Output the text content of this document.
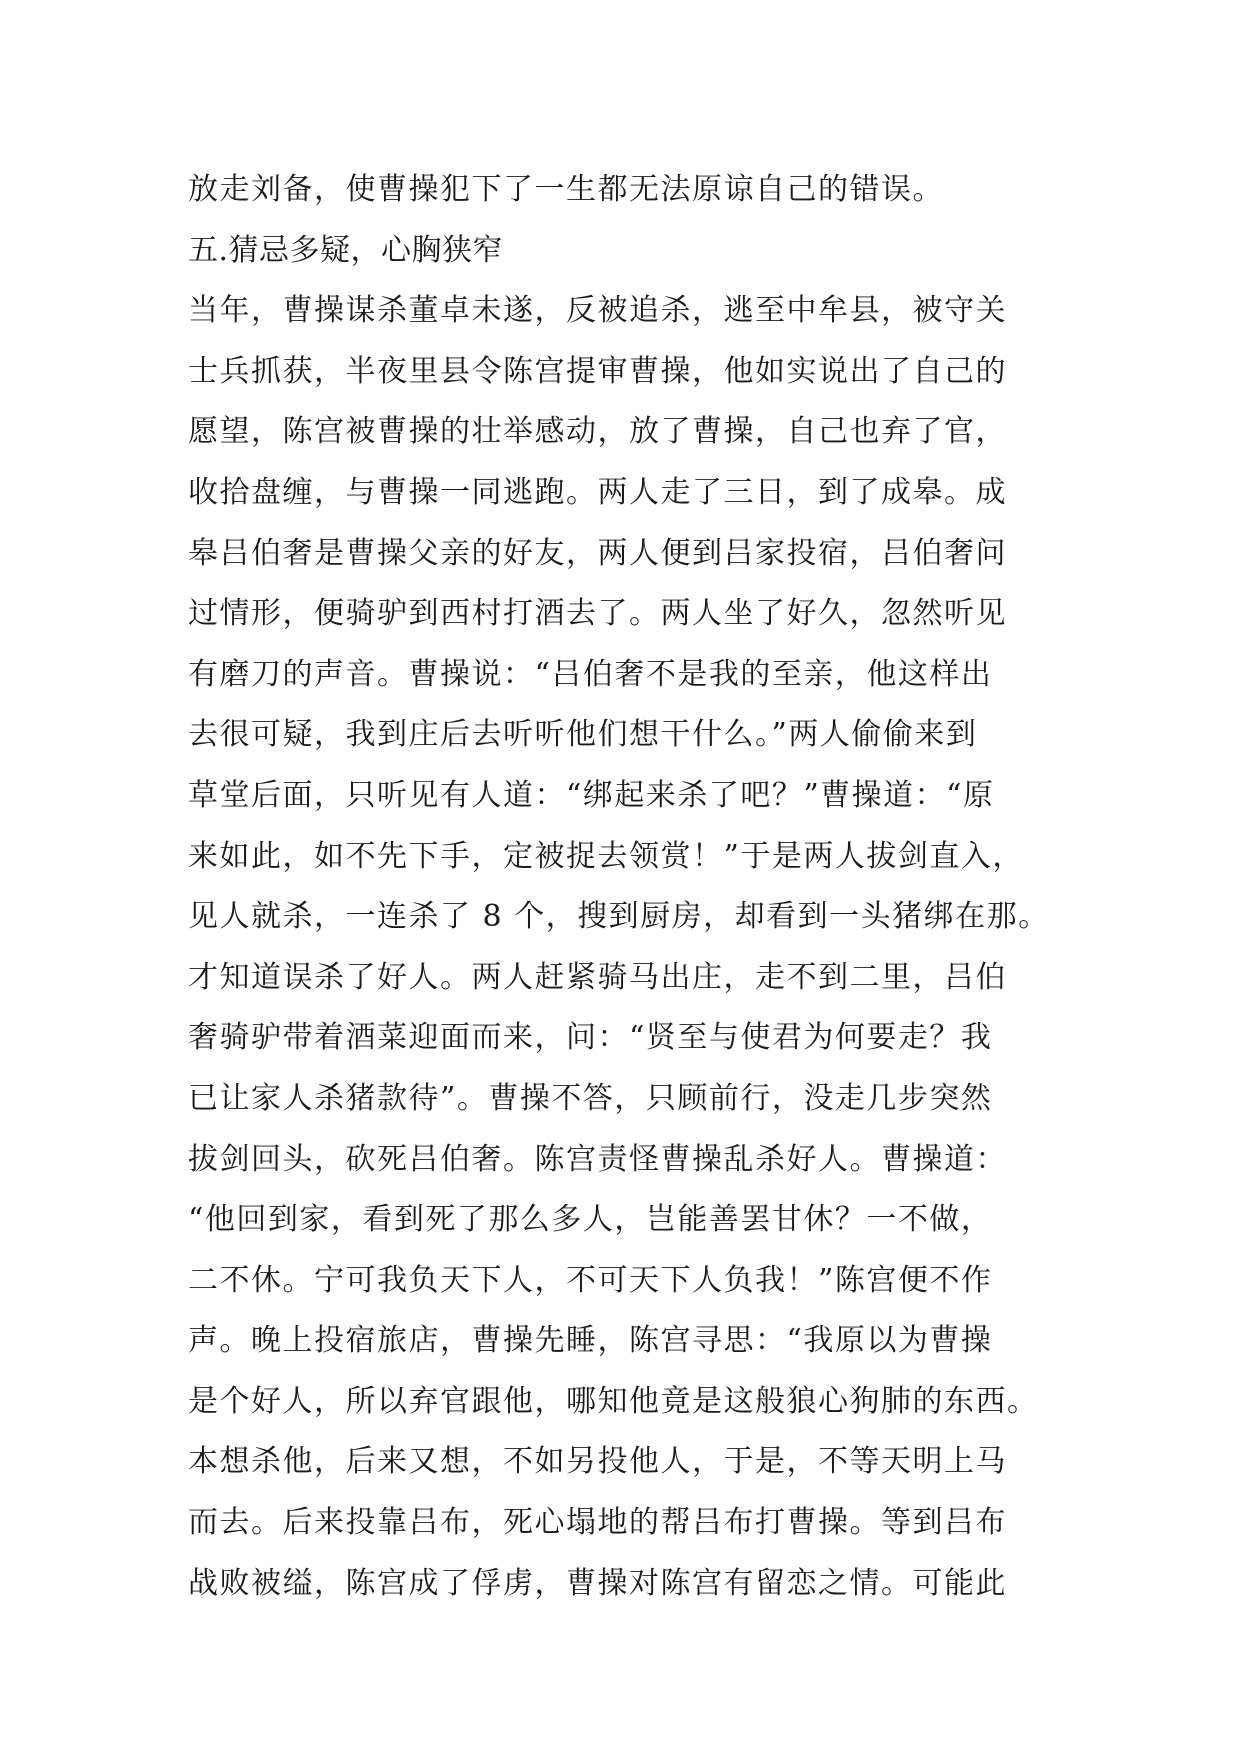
放走刘备，使曹操犯下了一生都无法原谅自己的错误。
五.猜忌多疑，心胸狭窄
当年，曹操谋杀董卓未遂，反被追杀，逃至中牟县，被守关
士兵抓获，半夜里县令陈宫提审曹操，他如实说出了自己的
愿望，陈宫被曹操的壮举感动，放了曹操，自己也弃了官，
收拾盘缠，与曹操一同逃跑。两人走了三日，到了成皋。成
皋吕伯奢是曹操父亲的好友，两人便到吕家投宿，吕伯奢问
过情形，便骑驴到西村打酒去了。两人坐了好久，忽然听见
有磨刀的声音。曹操说：“吕伯奢不是我的至亲，他这样出
去很可疑，我到庄后去听听他们想干什么。”两人偷偷来到
草堂后面，只听见有人道：“绑起来杀了吧？”曹操道：“原
来如此，如不先下手，定被捉去领赏！”于是两人拔剑直入，
见人就杀，一连杀了 8 个，搜到厨房，却看到一头猪绑在那。
才知道误杀了好人。两人赶紧骑马出庄，走不到二里，吕伯
奢骑驴带着酒菜迎面而来，问：“贤至与使君为何要走？我
已让家人杀猪款待”。曹操不答，只顾前行，没走几步突然
拔剑回头，砍死吕伯奢。陈宫责怪曹操乱杀好人。曹操道：
“他回到家，看到死了那么多人，岂能善罢甘休？一不做，
二不休。宁可我负天下人，不可天下人负我！”陈宫便不作
声。晚上投宿旅店，曹操先睡，陈宫寻思：“我原以为曹操
是个好人，所以弃官跟他，哪知他竟是这般狼心狗肺的东西。
本想杀他，后来又想，不如另投他人，于是，不等天明上马
而去。后来投靠吕布，死心塌地的帮吕布打曹操。等到吕布
战败被缢，陈宫成了俘虏，曹操对陈宫有留恋之情。可能此
